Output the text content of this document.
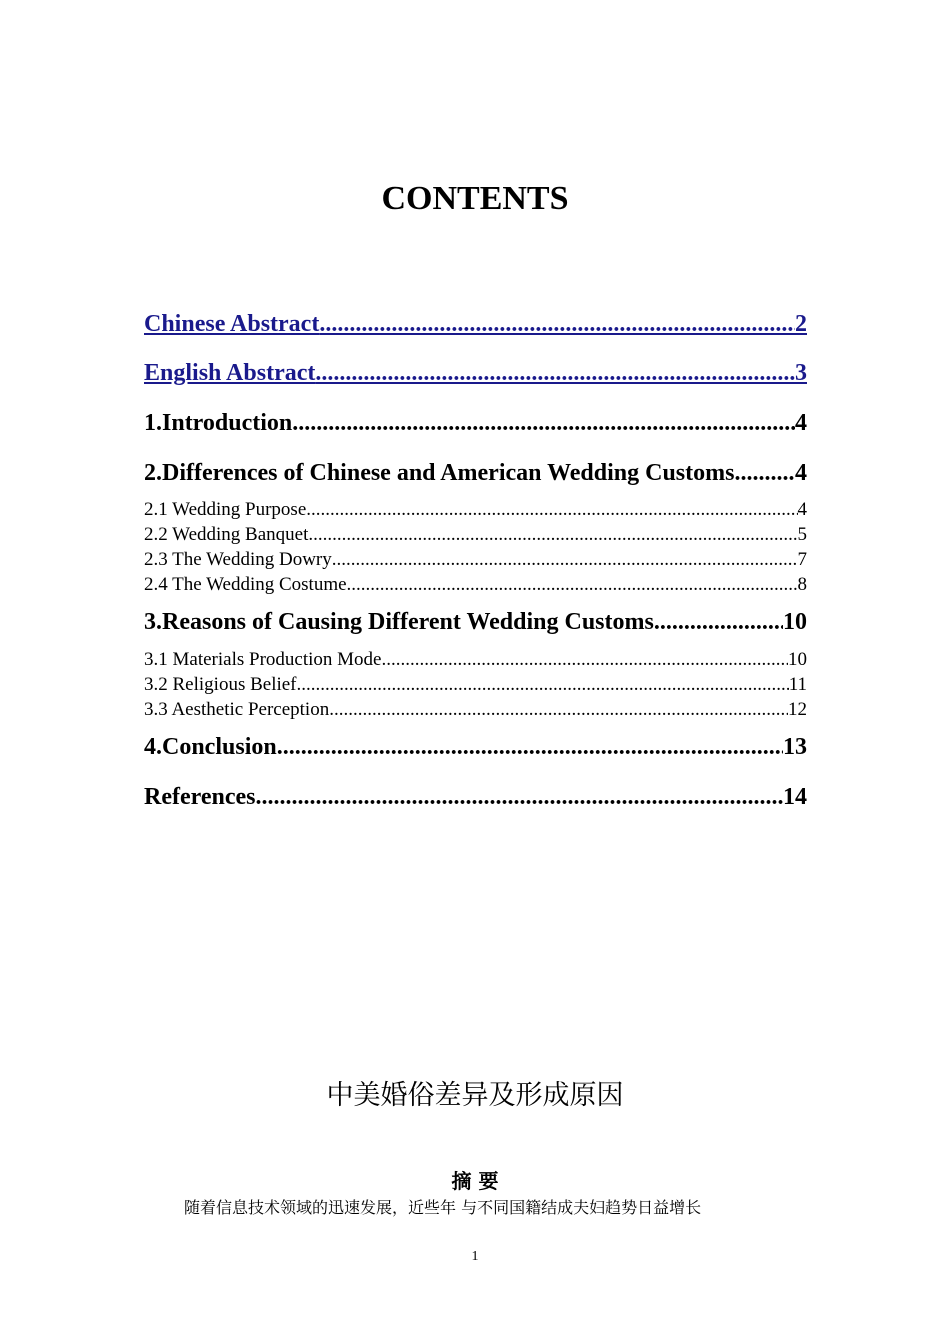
CONTENTS
Chinese Abstract .....	2
English Abstract .....	3
1.Introduction .....	4
2.Differences of Chinese and American Wedding Customs .....	4
2.1 Wedding Purpose .....	4
2.2 Wedding Banquet .....	5
2.3 The Wedding Dowry .....	7
2.4 The Wedding Costume .....	8
3.Reasons of Causing Different Wedding Customs .....	10
3.1 Materials Production Mode .....	10
3.2 Religious Belief .....	11
3.3 Aesthetic Perception .....	12
4.Conclusion .....	13
References .....	14
中美婚俗差异及形成原因
摘 要
随着信息技术领域的迅速发展，近些年 与不同国籍结成夫妇趋势日益增长
1
